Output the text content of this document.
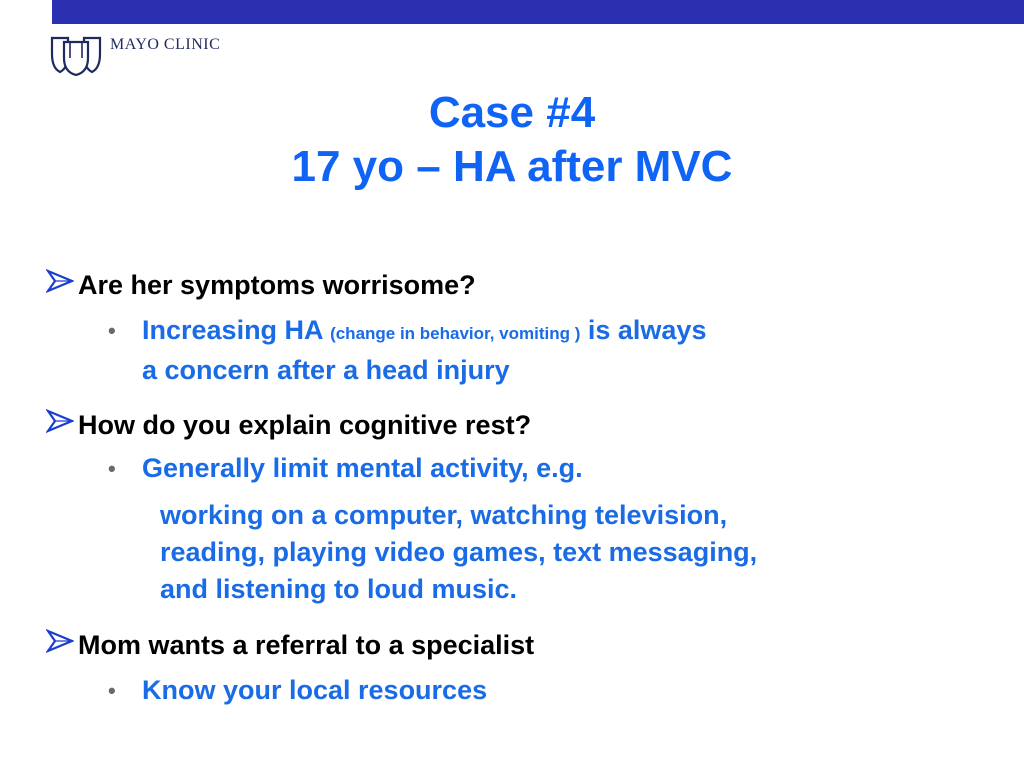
MAYO CLINIC
Case #4
17 yo – HA after MVC
Are her symptoms worrisome?
• Increasing HA (change in behavior, vomiting ) is always
a concern after a head injury
How do you explain cognitive rest?
• Generally limit mental activity, e.g.
working on a computer, watching television,
reading, playing video games, text messaging,
and listening to loud music.
Mom wants a referral to a specialist
• Know your local resources
